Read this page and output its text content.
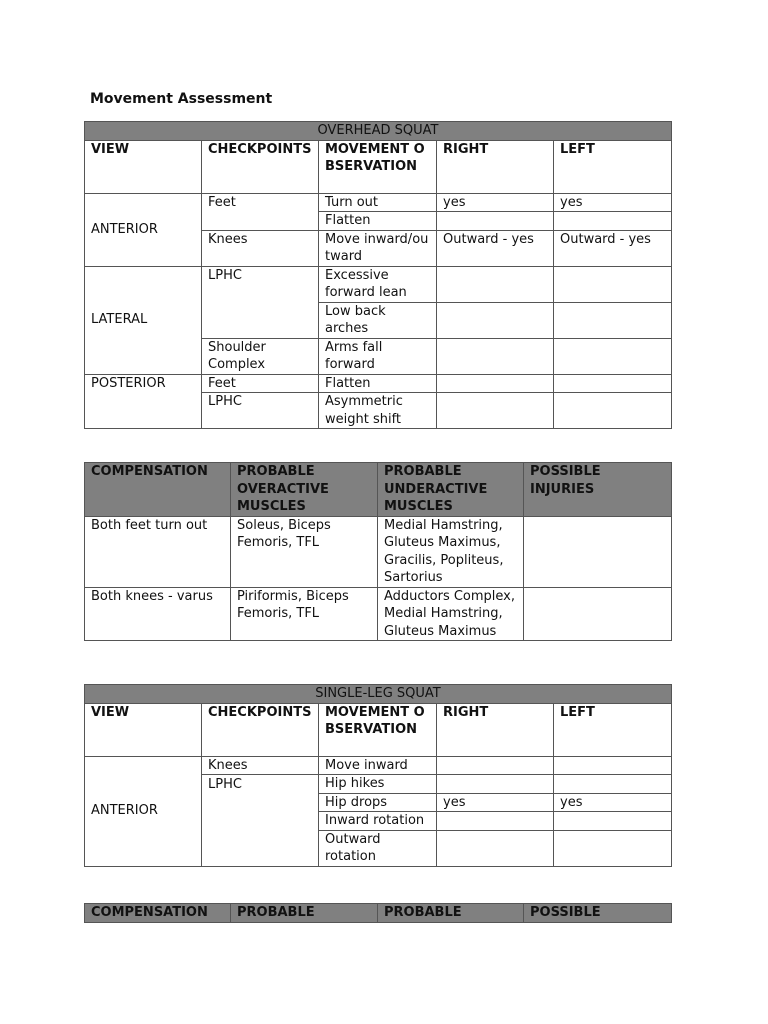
Movement Assessment
OVERHEAD SQUAT				
VIEW	CHECKPOINTS	MOVEMENT OBSERVATION	RIGHT	LEFT
ANTERIOR	Feet	Turn out	yes	yes
		Flatten		
	Knees	Move inward/outward	Outward - yes	Outward - yes
LATERAL	LPHC	Excessive forward lean		
		Low back arches		
	Shoulder Complex	Arms fall forward		
POSTERIOR	Feet	Flatten		
	LPHC	Asymmetric weight shift		
COMPENSATION	PROBABLE OVERACTIVE MUSCLES	PROBABLE UNDERACTIVE MUSCLES	POSSIBLE INJURIES
Both feet turn out	Soleus, Biceps Femoris, TFL	Medial Hamstring, Gluteus Maximus, Gracilis, Popliteus, Sartorius	
Both knees - varus	Piriformis, Biceps Femoris, TFL	Adductors Complex, Medial Hamstring, Gluteus Maximus	
SINGLE-LEG SQUAT				
VIEW	CHECKPOINTS	MOVEMENT OBSERVATION	RIGHT	LEFT
ANTERIOR	Knees	Move inward		
	LPHC	Hip hikes		
		Hip drops	yes	yes
		Inward rotation		
		Outward rotation		
COMPENSATION	PROBABLE	PROBABLE	POSSIBLE
